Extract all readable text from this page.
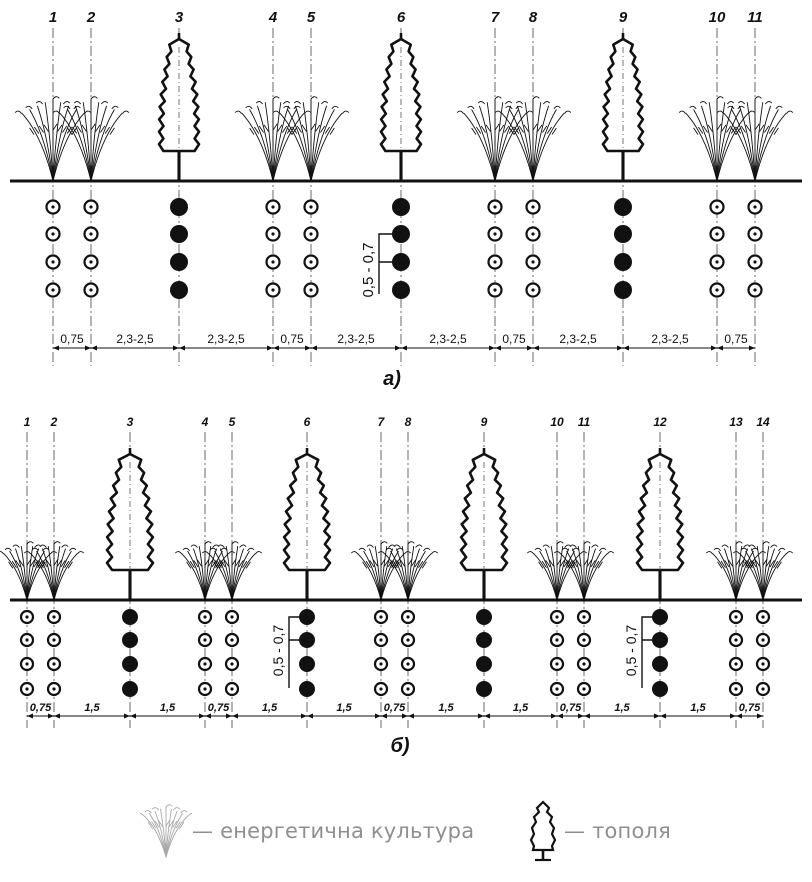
1 2	3	4 5	6	7 8	9	10 11
0,75	2,3-2,5	2,3-2,5	0,75	2,3-2,5	2,3-2,5	0,75	2,3-2,5	2,3-2,5	0,75
0,5 - 0,7
а)
1 2	3	4 5	6	7 8	9	10 11	12	13 14
0,75	1,5	1,5	0,75	1,5	1,5	0,75	1,5	1,5	0,75	1,5	1,5	0,75
0,5 - 0,7	0,5 - 0,7
б)
— енергетична культура	— тополя
